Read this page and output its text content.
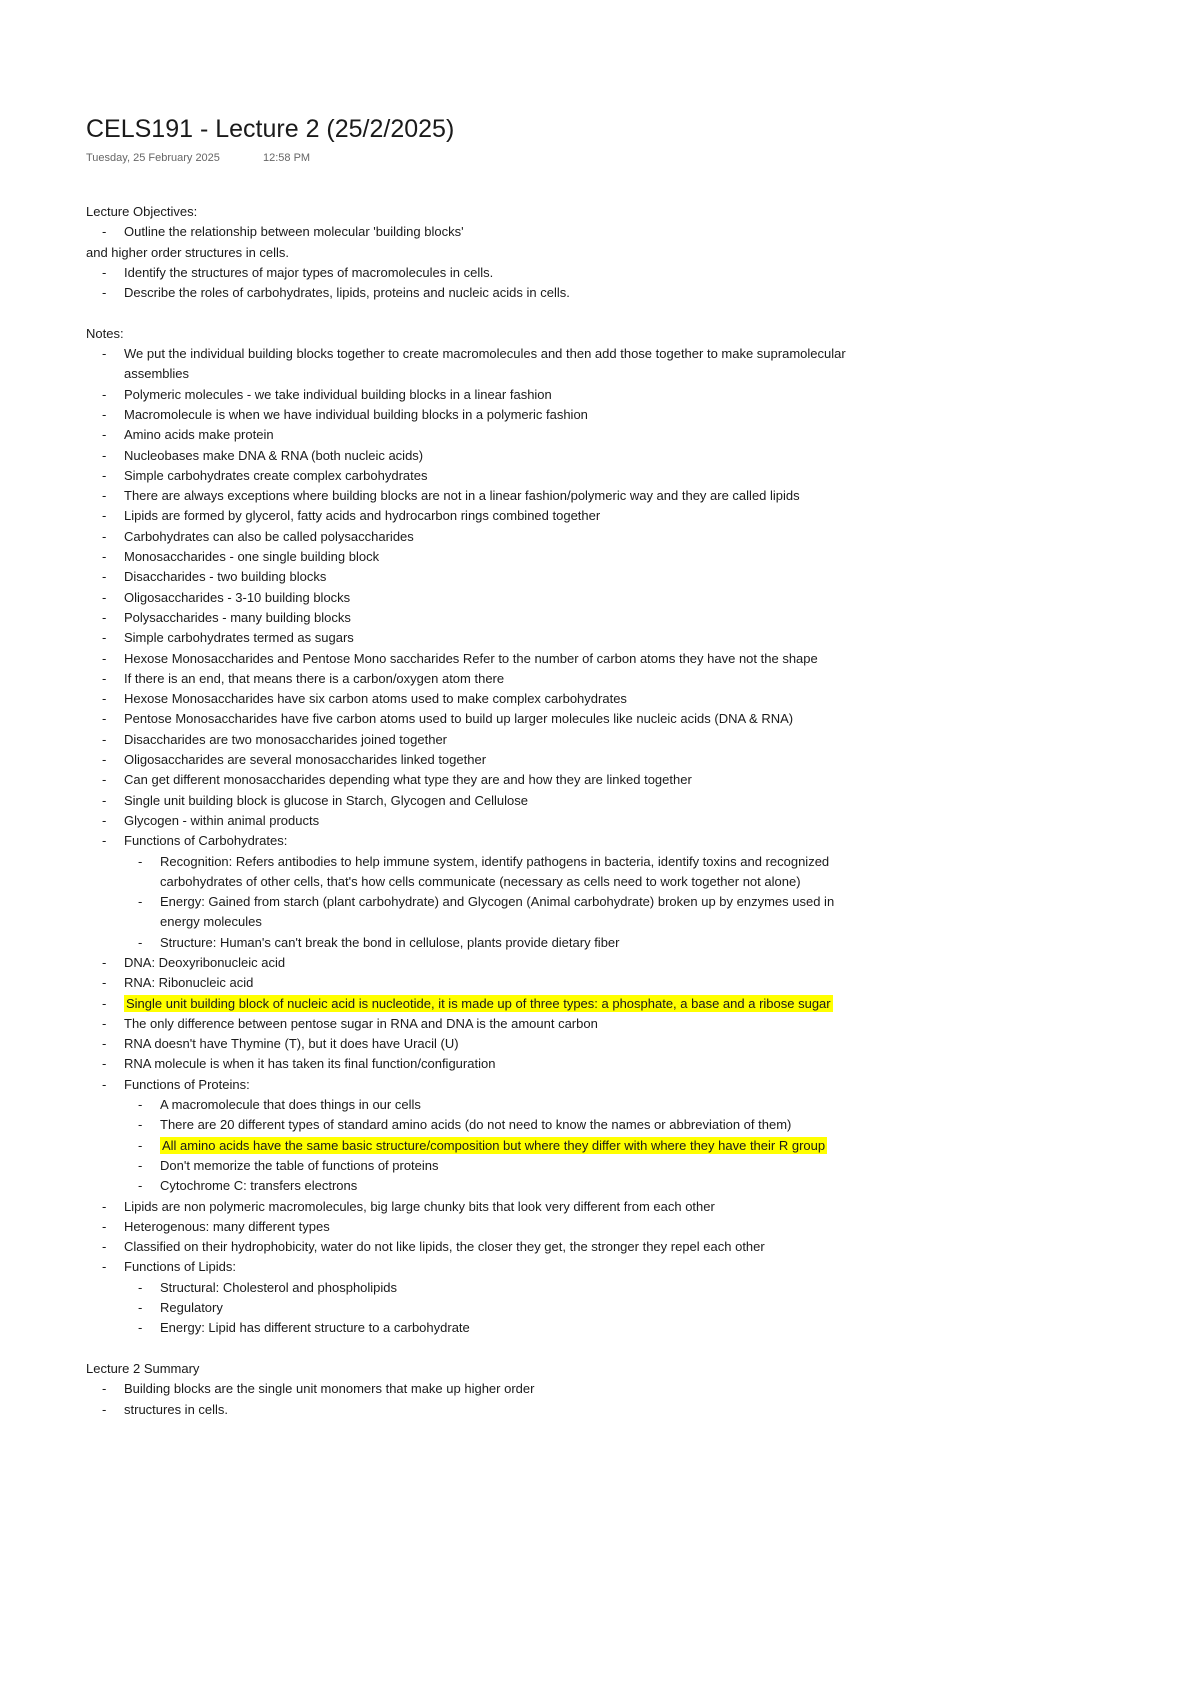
CELS191 - Lecture 2 (25/2/2025)
Tuesday, 25 February 2025	12:58 PM

Lecture Objectives:

- Outline the relationship between molecular 'building blocks'

and higher order structures in cells.

- Identify the structures of major types of macromolecules in cells.
- Describe the roles of carbohydrates, lipids, proteins and nucleic acids in cells.

Notes:

- We put the individual building blocks together to create macromolecules and then add those together to make supramolecular assemblies
- Polymeric molecules - we take individual building blocks in a linear fashion
- Macromolecule is when we have individual building blocks in a polymeric fashion
- Amino acids make protein
- Nucleobases make DNA & RNA (both nucleic acids)
- Simple carbohydrates create complex carbohydrates
- There are always exceptions where building blocks are not in a linear fashion/polymeric way and they are called lipids
- Lipids are formed by glycerol, fatty acids and hydrocarbon rings combined together
- Carbohydrates can also be called polysaccharides
- Monosaccharides - one single building block
- Disaccharides - two building blocks
- Oligosaccharides - 3-10 building blocks
- Polysaccharides - many building blocks
- Simple carbohydrates termed as sugars
- Hexose Monosaccharides and Pentose Mono saccharides Refer to the number of carbon atoms they have not the shape
- If there is an end, that means there is a carbon/oxygen atom there
- Hexose Monosaccharides have six carbon atoms used to make complex carbohydrates
- Pentose Monosaccharides have five carbon atoms used to build up larger molecules like nucleic acids (DNA & RNA)
- Disaccharides are two monosaccharides joined together
- Oligosaccharides are several monosaccharides linked together
- Can get different monosaccharides depending what type they are and how they are linked together
- Single unit building block is glucose in Starch, Glycogen and Cellulose
- Glycogen - within animal products
- Functions of Carbohydrates:
- Recognition: Refers antibodies to help immune system, identify pathogens in bacteria, identify toxins and recognized carbohydrates of other cells, that's how cells communicate (necessary as cells need to work together not alone)
- Energy: Gained from starch (plant carbohydrate) and Glycogen (Animal carbohydrate) broken up by enzymes used in energy molecules
- Structure: Human's can't break the bond in cellulose, plants provide dietary fiber
- DNA: Deoxyribonucleic acid
- RNA: Ribonucleic acid
- Single unit building block of nucleic acid is nucleotide, it is made up of three types: a phosphate, a base and a ribose sugar
- The only difference between pentose sugar in RNA and DNA is the amount carbon
- RNA doesn't have Thymine (T), but it does have Uracil (U)
- RNA molecule is when it has taken its final function/configuration
- Functions of Proteins:
- A macromolecule that does things in our cells
- There are 20 different types of standard amino acids (do not need to know the names or abbreviation of them)
- All amino acids have the same basic structure/composition but where they differ with where they have their R group
- Don't memorize the table of functions of proteins
- Cytochrome C: transfers electrons
- Lipids are non polymeric macromolecules, big large chunky bits that look very different from each other
- Heterogenous: many different types
- Classified on their hydrophobicity, water do not like lipids, the closer they get, the stronger they repel each other
- Functions of Lipids:
- Structural: Cholesterol and phospholipids
- Regulatory
- Energy: Lipid has different structure to a carbohydrate

Lecture 2 Summary

- Building blocks are the single unit monomers that make up higher order
- structures in cells.
